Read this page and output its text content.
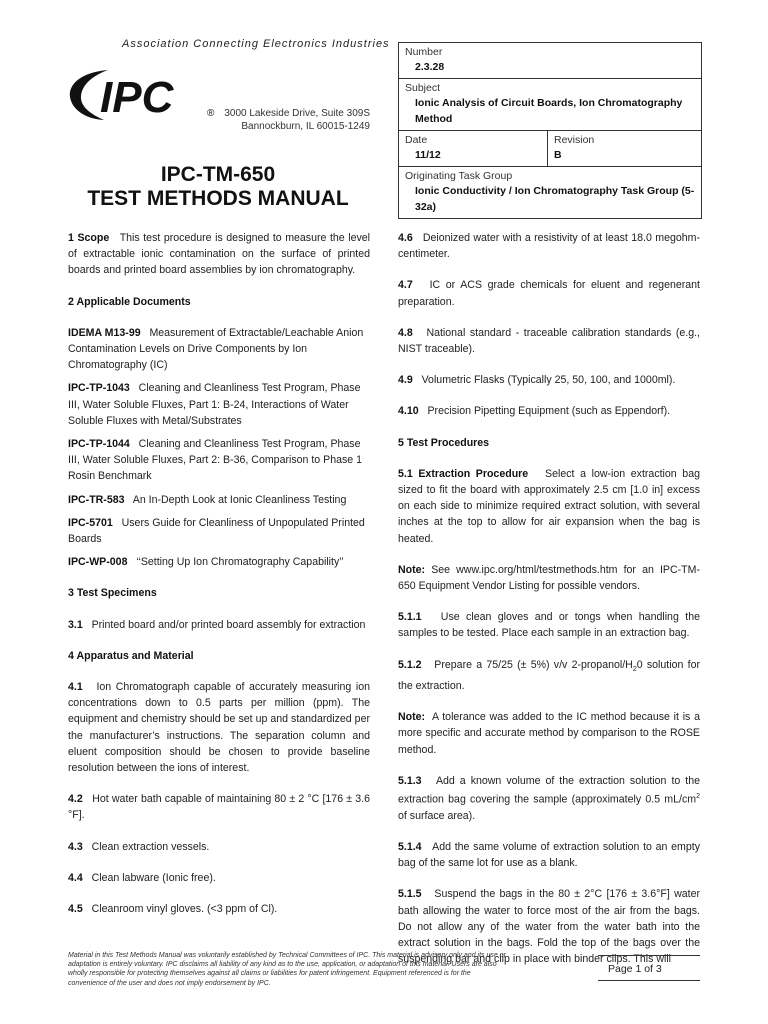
Association Connecting Electronics Industries
IPC	® 3000 Lakeside Drive, Suite 309S
Bannockburn, IL 60015-1249
IPC-TM-650
TEST METHODS MANUAL
Number
2.3.28
Subject
Ionic Analysis of Circuit Boards, Ion Chromatography Method
Date
11/12
Revision
B
Originating Task Group
Ionic Conductivity / Ion Chromatography Task Group (5-32a)

1 Scope This test procedure is designed to measure the level of extractable ionic contamination on the surface of printed boards and printed board assemblies by ion chromatography.

2 Applicable Documents

IDEMA M13-99 Measurement of Extractable/Leachable Anion Contamination Levels on Drive Components by Ion Chromatography (IC)

IPC-TP-1043 Cleaning and Cleanliness Test Program, Phase III, Water Soluble Fluxes, Part 1: B-24, Interactions of Water Soluble Fluxes with Metal/Substrates

IPC-TP-1044 Cleaning and Cleanliness Test Program, Phase III, Water Soluble Fluxes, Part 2: B-36, Comparison to Phase 1 Rosin Benchmark

IPC-TR-583 An In-Depth Look at Ionic Cleanliness Testing

IPC-5701 Users Guide for Cleanliness of Unpopulated Printed Boards

IPC-WP-008 ‘‘Setting Up Ion Chromatography Capability’’

3 Test Specimens

3.1 Printed board and/or printed board assembly for extraction

4 Apparatus and Material

4.1 Ion Chromatograph capable of accurately measuring ion concentrations down to 0.5 parts per million (ppm). The equipment and chemistry should be set up and standardized per the manufacturer’s instructions. The separation column and eluent composition should be chosen to provide baseline resolution between the ions of interest.

4.2 Hot water bath capable of maintaining 80 ± 2 °C [176 ± 3.6 °F].

4.3 Clean extraction vessels.

4.4 Clean labware (Ionic free).

4.5 Cleanroom vinyl gloves. (<3 ppm of Cl).

4.6 Deionized water with a resistivity of at least 18.0 megohm-centimeter.

4.7 IC or ACS grade chemicals for eluent and regenerant preparation.

4.8 National standard - traceable calibration standards (e.g., NIST traceable).

4.9 Volumetric Flasks (Typically 25, 50, 100, and 1000ml).

4.10 Precision Pipetting Equipment (such as Eppendorf).

5 Test Procedures

5.1 Extraction Procedure Select a low-ion extraction bag sized to fit the board with approximately 2.5 cm [1.0 in] excess on each side to minimize required extract solution, with several inches at the top to allow for air expansion when the bag is heated.

Note: See www.ipc.org/html/testmethods.htm for an IPC-TM-650 Equipment Vendor Listing for possible vendors.

5.1.1 Use clean gloves and or tongs when handling the samples to be tested. Place each sample in an extraction bag.

5.1.2 Prepare a 75/25 (± 5%) v/v $2-propanol/H_20$ solution for the extraction.

Note: A tolerance was added to the IC method because it is a more specific and accurate method by comparison to the ROSE method.

5.1.3 Add a known volume of the extraction solution to the extraction bag covering the sample (approximately 0.5 $mL/cm^2$ of surface area).

5.1.4 Add the same volume of extraction solution to an empty bag of the same lot for use as a blank.

5.1.5 Suspend the bags in the 80 ± 2°C [176 ± 3.6°F] water bath allowing the water to force most of the air from the bags. Do not allow any of the water from the water bath into the extract solution in the bags. Fold the top of the bags over the suspending bar and clip in place with binder clips. This will

Material in this Test Methods Manual was voluntarily established by Technical Committees of IPC. This material is advisory only and its use or adaptation is entirely voluntary. IPC disclaims all liability of any kind as to the use, application, or adaptation of this material. Users are also wholly responsible for protecting themselves against all claims or liabilities for patent infringement. Equipment referenced is for the convenience of the user and does not imply endorsement by IPC.
Page 1 of 3
